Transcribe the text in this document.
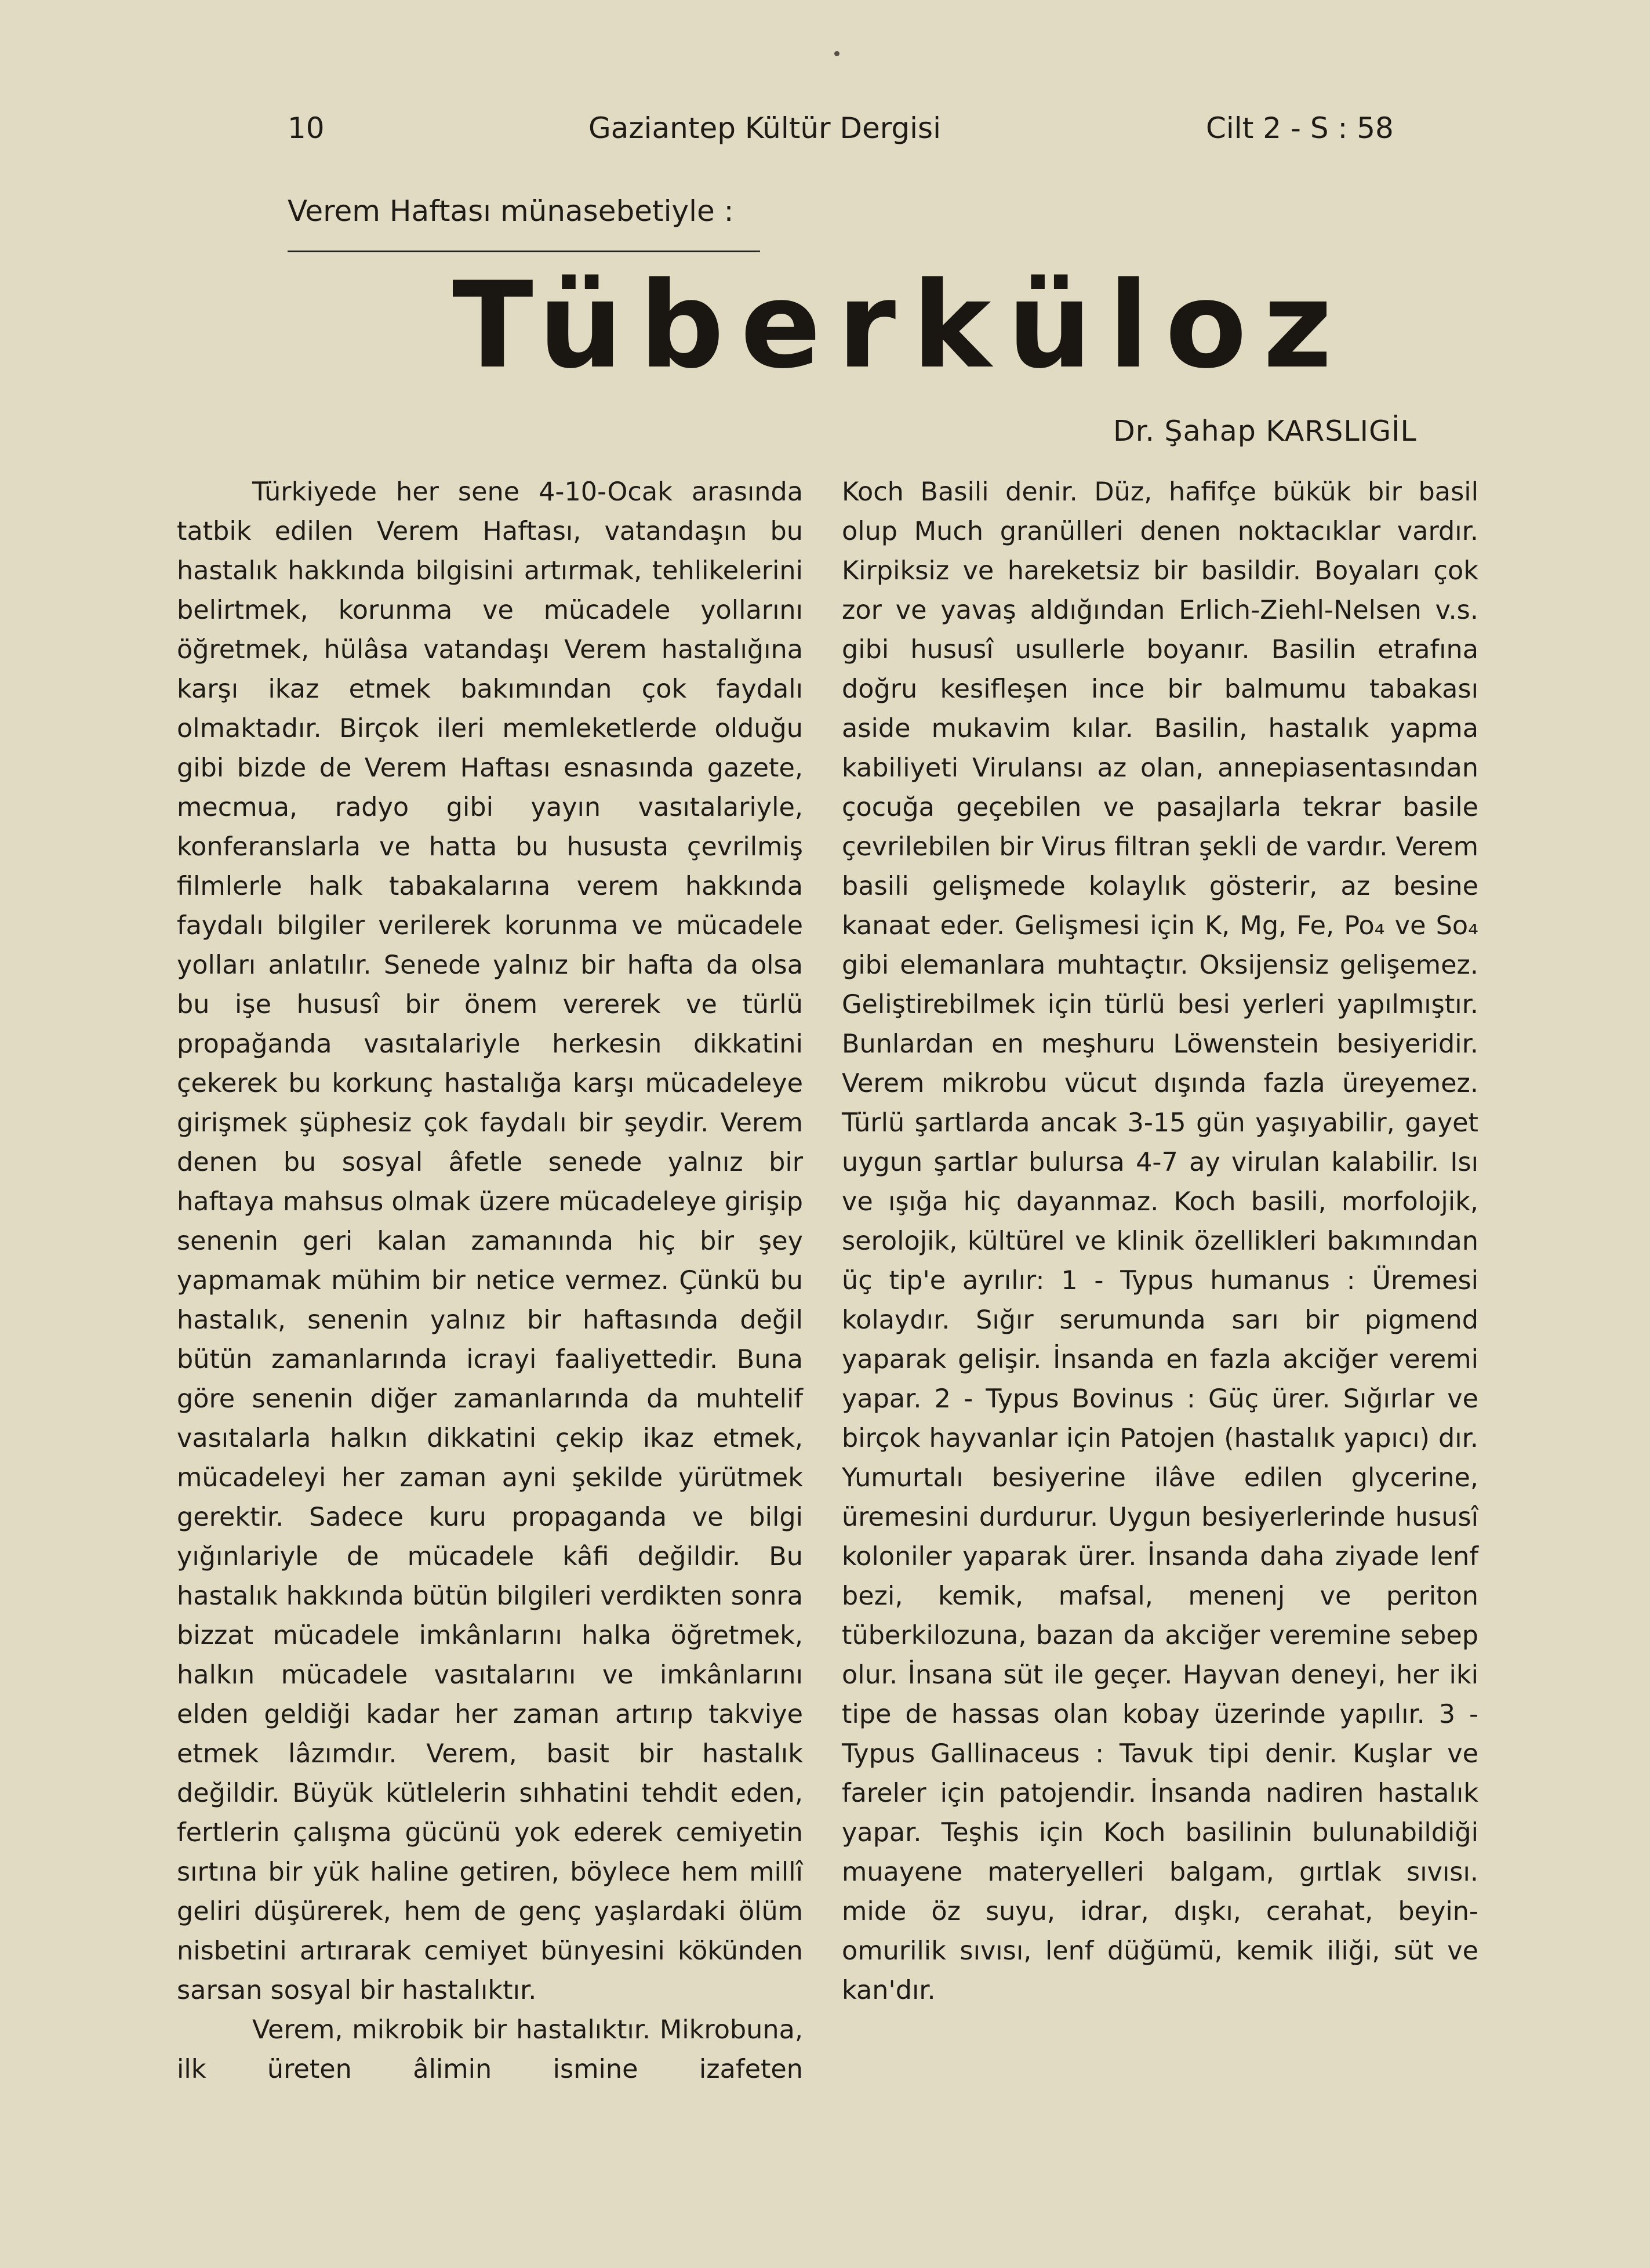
10	Gaziantep Kültür Dergisi	Cilt 2 - S : 58
Verem Haftası münasebetiyle :
Tüberküloz
Dr. Şahap KARSLIGİL

Türkiyede her sene 4-10-Ocak arasında tatbik edilen Verem Haftası, vatandaşın bu hastalık hakkında bilgisini artırmak, tehlikelerini belirtmek, korunma ve mücadele yollarını öğretmek, hülâsa vatandaşı Verem hastalığına karşı ikaz etmek bakımından çok faydalı olmaktadır. Birçok ileri memleketlerde olduğu gibi bizde de Verem Haftası esnasında gazete, mecmua, radyo gibi yayın vasıtalariyle, konferanslarla ve hatta bu hususta çevrilmiş filmlerle halk tabakalarına verem hakkında faydalı bilgiler verilerek korunma ve mücadele yolları anlatılır. Senede yalnız bir hafta da olsa bu işe hususî bir önem vererek ve türlü propağanda vasıtalariyle herkesin dikkatini çekerek bu korkunç hastalığa karşı mücadeleye girişmek şüphesiz çok faydalı bir şeydir. Verem denen bu sosyal âfetle senede yalnız bir haftaya mahsus olmak üzere mücadeleye girişip senenin geri kalan zamanında hiç bir şey yapmamak mühim bir netice vermez. Çünkü bu hastalık, senenin yalnız bir haftasında değil bütün zamanlarında icrayi faaliyettedir. Buna göre senenin diğer zamanlarında da muhtelif vasıtalarla halkın dikkatini çekip ikaz etmek, mücadeleyi her zaman ayni şekilde yürütmek gerektir. Sadece kuru propaganda ve bilgi yığınlariyle de mücadele kâfi değildir. Bu hastalık hakkında bütün bilgileri verdikten sonra bizzat mücadele imkânlarını halka öğretmek, halkın mücadele vasıtalarını ve imkânlarını elden geldiği kadar her zaman artırıp takviye etmek lâzımdır. Verem, basit bir hastalık değildir. Büyük kütlelerin sıhhatini tehdit eden, fertlerin çalışma gücünü yok ederek cemiyetin sırtına bir yük haline getiren, böylece hem millî geliri düşürerek, hem de genç yaşlardaki ölüm nisbetini artırarak cemiyet bünyesini kökünden sarsan sosyal bir hastalıktır.

Verem, mikrobik bir hastalıktır. Mikrobuna, ilk üreten âlimin ismine izafeten

Koch Basili denir. Düz, hafifçe bükük bir basil olup Much granülleri denen noktacıklar vardır. Kirpiksiz ve hareketsiz bir basildir. Boyaları çok zor ve yavaş aldığından Erlich-Ziehl-Nelsen v.s. gibi hususî usullerle boyanır. Basilin etrafına doğru kesifleşen ince bir balmumu tabakası aside mukavim kılar. Basilin, hastalık yapma kabiliyeti Virulansı az olan, annepiasentasından çocuğa geçebilen ve pasajlarla tekrar basile çevrilebilen bir Virus filtran şekli de vardır. Verem basili gelişmede kolaylık gösterir, az besine kanaat eder. Gelişmesi için K, Mg, Fe, Po₄ ve So₄ gibi elemanlara muhtaçtır. Oksijensiz gelişemez. Geliştirebilmek için türlü besi yerleri yapılmıştır. Bunlardan en meşhuru Löwenstein besiyeridir. Verem mikrobu vücut dışında fazla üreyemez. Türlü şartlarda ancak 3-15 gün yaşıyabilir, gayet uygun şartlar bulursa 4-7 ay virulan kalabilir. Isı ve ışığa hiç dayanmaz. Koch basili, morfolojik, serolojik, kültürel ve klinik özellikleri bakımından üç tip'e ayrılır: 1 - Typus humanus : Üremesi kolaydır. Sığır serumunda sarı bir pigmend yaparak gelişir. İnsanda en fazla akciğer veremi yapar. 2 - Typus Bovinus : Güç ürer. Sığırlar ve birçok hayvanlar için Patojen (hastalık yapıcı) dır. Yumurtalı besiyerine ilâve edilen glycerine, üremesini durdurur. Uygun besiyerlerinde hususî koloniler yaparak ürer. İnsanda daha ziyade lenf bezi, kemik, mafsal, menenj ve periton tüberkilozuna, bazan da akciğer veremine sebep olur. İnsana süt ile geçer. Hayvan deneyi, her iki tipe de hassas olan kobay üzerinde yapılır. 3 - Typus Gallinaceus : Tavuk tipi denir. Kuşlar ve fareler için patojendir. İnsanda nadiren hastalık yapar. Teşhis için Koch basilinin bulunabildiği muayene materyelleri balgam, gırtlak sıvısı. mide öz suyu, idrar, dışkı, cerahat, beyin-omurilik sıvısı, lenf düğümü, kemik iliği, süt ve kan'dır.
